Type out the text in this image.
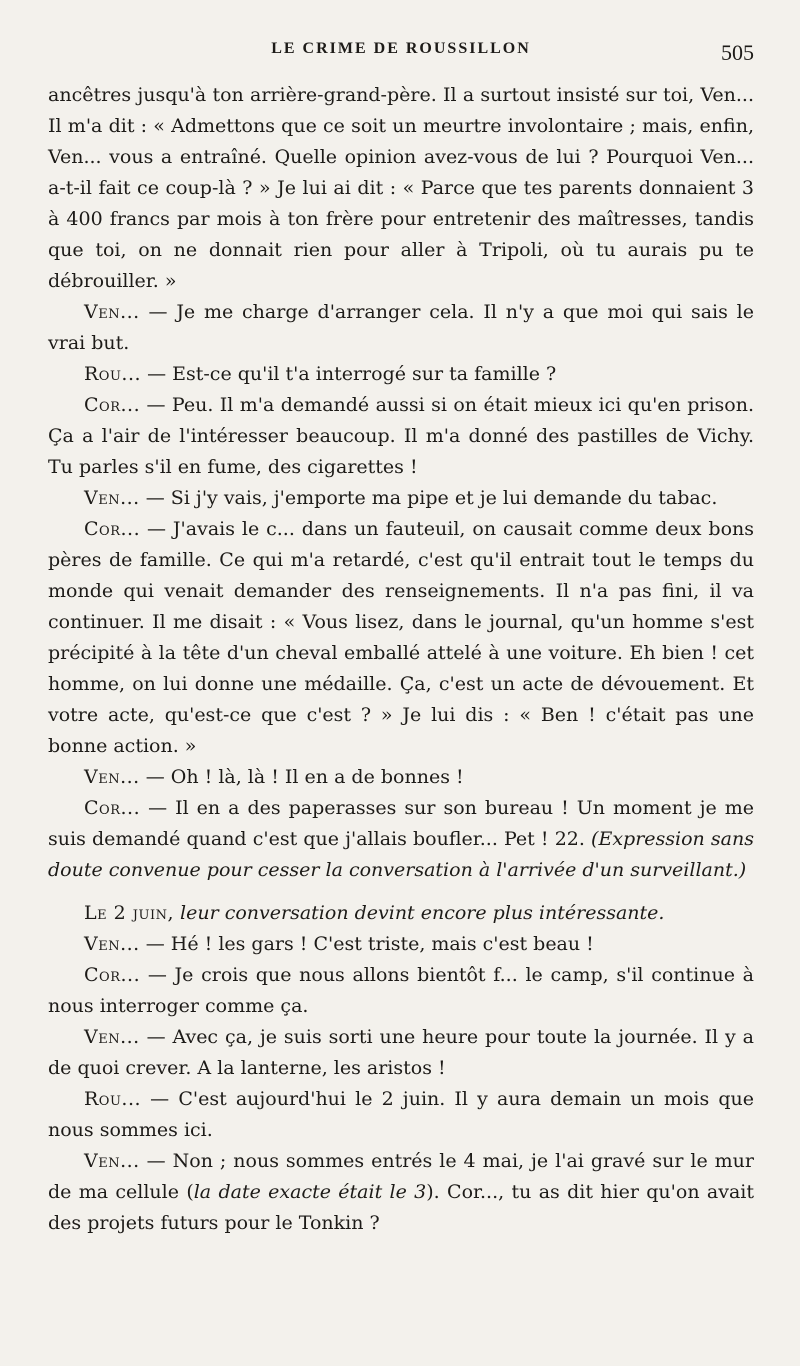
LE CRIME DE ROUSSILLON	505

ancêtres jusqu'à ton arrière-grand-père. Il a surtout insisté sur toi, Ven... Il m'a dit : « Admettons que ce soit un meurtre involontaire ; mais, enfin, Ven... vous a entraîné. Quelle opinion avez-vous de lui ? Pourquoi Ven... a-t-il fait ce coup-là ? » Je lui ai dit : « Parce que tes parents donnaient 3 à 400 francs par mois à ton frère pour entretenir des maîtresses, tandis que toi, on ne donnait rien pour aller à Tripoli, où tu aurais pu te débrouiller. »

Ven... — Je me charge d'arranger cela. Il n'y a que moi qui sais le vrai but.

Rou... — Est-ce qu'il t'a interrogé sur ta famille ?

Cor... — Peu. Il m'a demandé aussi si on était mieux ici qu'en prison. Ça a l'air de l'intéresser beaucoup. Il m'a donné des pastilles de Vichy. Tu parles s'il en fume, des cigarettes !

Ven... — Si j'y vais, j'emporte ma pipe et je lui demande du tabac.

Cor... — J'avais le c... dans un fauteuil, on causait comme deux bons pères de famille. Ce qui m'a retardé, c'est qu'il entrait tout le temps du monde qui venait demander des renseignements. Il n'a pas fini, il va continuer. Il me disait : « Vous lisez, dans le journal, qu'un homme s'est précipité à la tête d'un cheval emballé attelé à une voiture. Eh bien ! cet homme, on lui donne une médaille. Ça, c'est un acte de dévouement. Et votre acte, qu'est-ce que c'est ? » Je lui dis : « Ben ! c'était pas une bonne action. »

Ven... — Oh ! là, là ! Il en a de bonnes !

Cor... — Il en a des paperasses sur son bureau ! Un moment je me suis demandé quand c'est que j'allais boufler... Pet ! 22. (Expression sans doute convenue pour cesser la conversation à l'arrivée d'un surveillant.)

Le 2 juin, leur conversation devint encore plus intéressante.

Ven... — Hé ! les gars ! C'est triste, mais c'est beau !

Cor... — Je crois que nous allons bientôt f... le camp, s'il continue à nous interroger comme ça.

Ven... — Avec ça, je suis sorti une heure pour toute la journée. Il y a de quoi crever. A la lanterne, les aristos !

Rou... — C'est aujourd'hui le 2 juin. Il y aura demain un mois que nous sommes ici.

Ven... — Non ; nous sommes entrés le 4 mai, je l'ai gravé sur le mur de ma cellule (la date exacte était le 3). Cor..., tu as dit hier qu'on avait des projets futurs pour le Tonkin ?
